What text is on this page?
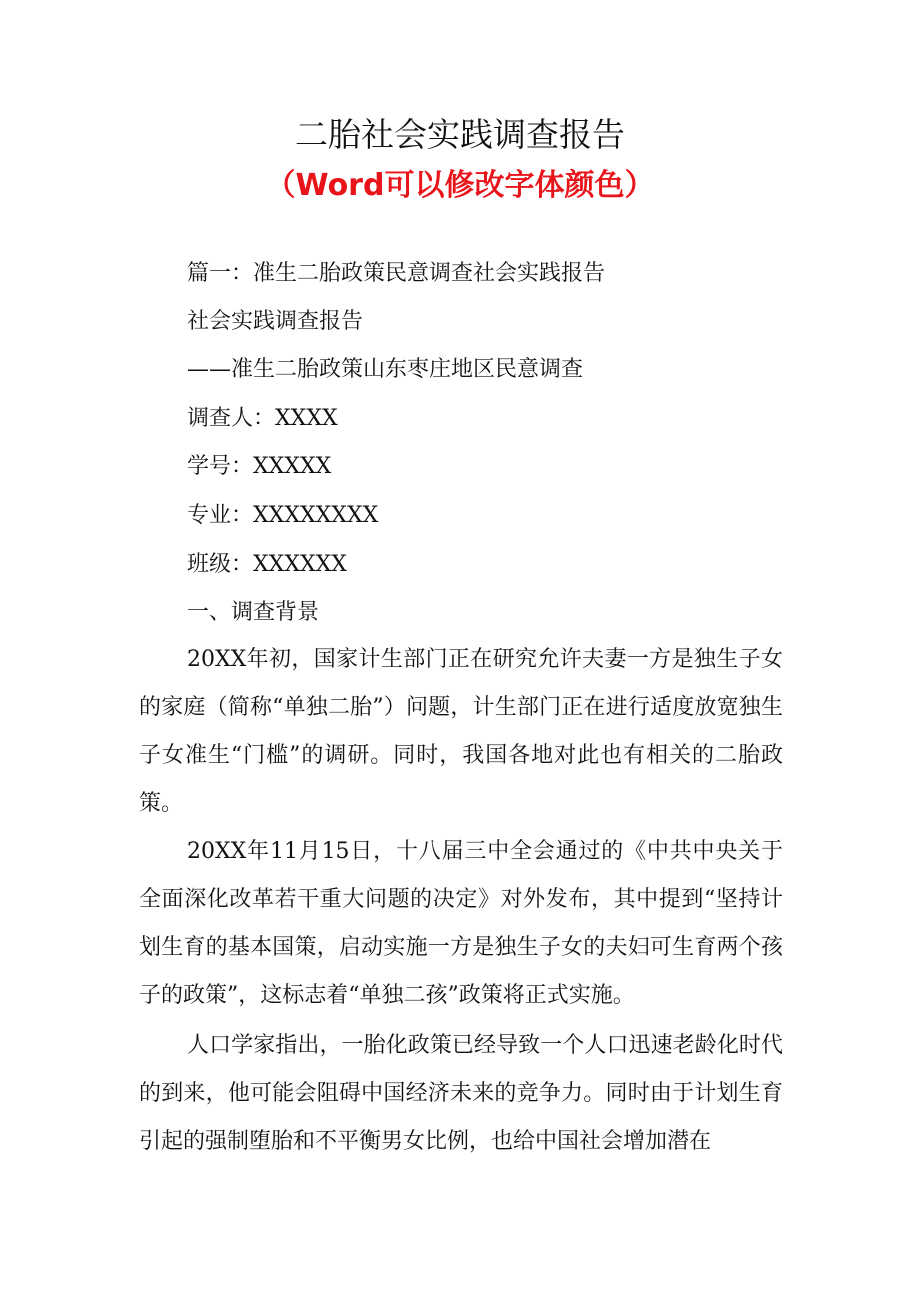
二胎社会实践调查报告
（Word可以修改字体颜色）
篇一：准生二胎政策民意调查社会实践报告
社会实践调查报告
——准生二胎政策山东枣庄地区民意调查
调查人：XXXX
学号：XXXXX
专业：XXXXXXXX
班级：XXXXXX
一、调查背景
20XX年初，国家计生部门正在研究允许夫妻一方是独生子女的家庭（简称“单独二胎”）问题，计生部门正在进行适度放宽独生子女准生“门槛”的调研。同时，我国各地对此也有相关的二胎政策。
20XX年11月15日，十八届三中全会通过的《中共中央关于全面深化改革若干重大问题的决定》对外发布，其中提到“坚持计划生育的基本国策，启动实施一方是独生子女的夫妇可生育两个孩子的政策”，这标志着“单独二孩”政策将正式实施。
人口学家指出，一胎化政策已经导致一个人口迅速老龄化时代的到来，他可能会阻碍中国经济未来的竞争力。同时由于计划生育引起的强制堕胎和不平衡男女比例，也给中国社会增加潜在
